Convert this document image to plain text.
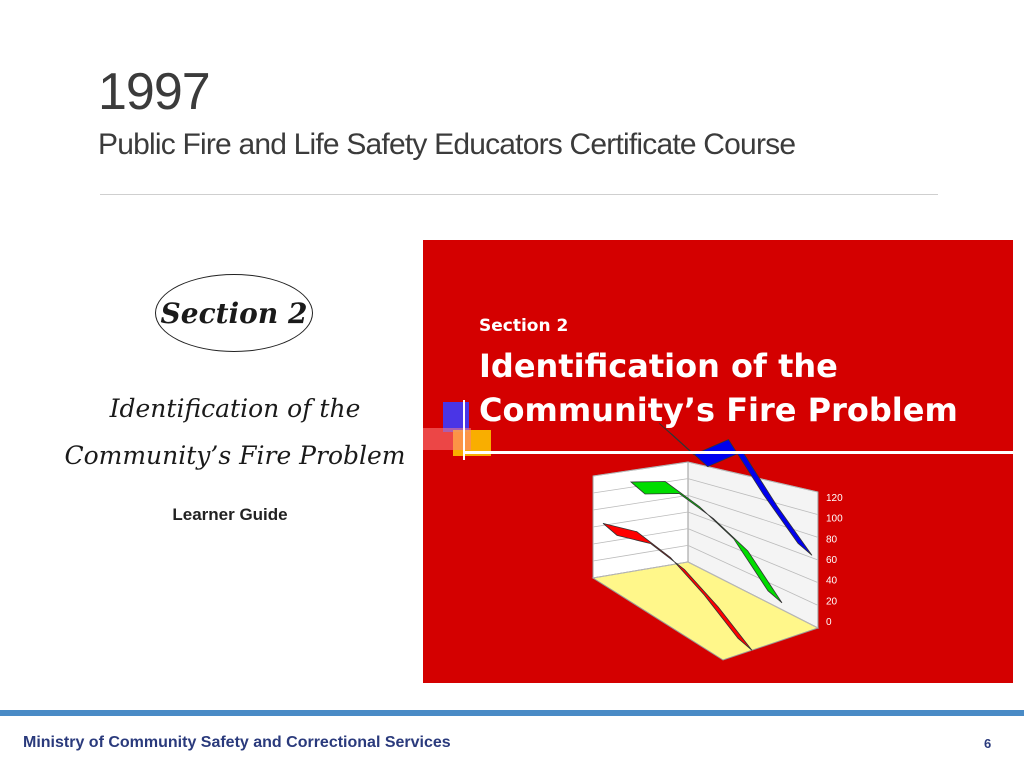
1997
Public Fire and Life Safety Educators Certificate Course
Section 2
Identification of the
Community’s Fire Problem
Learner Guide
0
20
40
60
80
100
120
Section 2
Identification of the
Community’s Fire Problem
Ministry of Community Safety and Correctional Services	6
